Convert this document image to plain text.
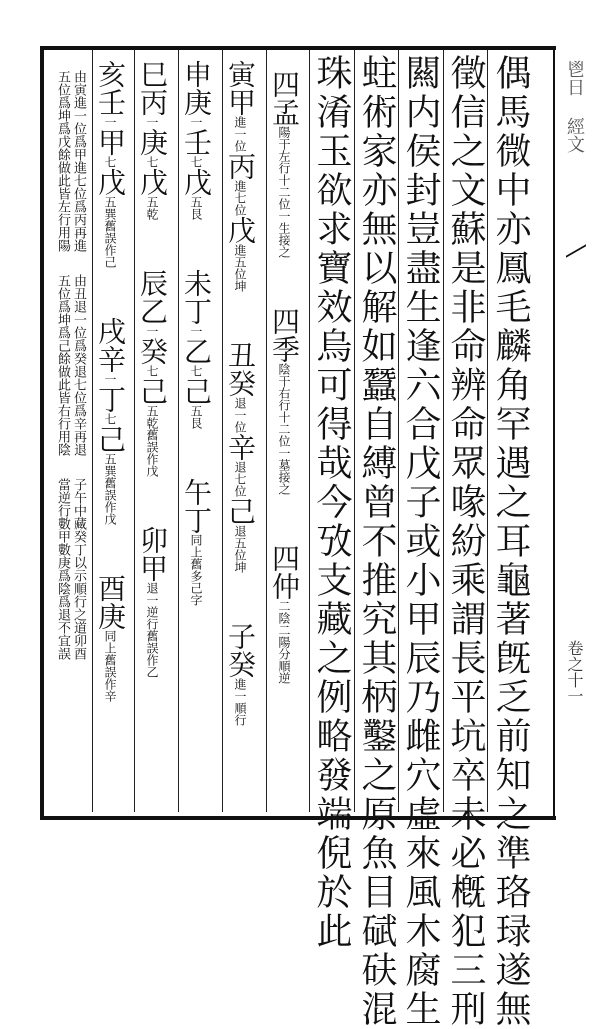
鬯日 經文
卷之十一
偶馬微中亦鳳毛麟角罕遇之耳龜著旣乏前知之準珞琭遂無
徵信之文蘇是非命辨命眾喙紛乘謂長平坑卒未必槪犯三刑
闗内侯封豈盡生逢六合戊子或小甲辰乃雌穴虛來風木腐生
蛀術家亦無以解如蠶自縛曾不推究其柄鑿之原魚目碔砆混
珠淆玉欲求寶效烏可得哉今攷支藏之例略發端倪於此
四孟陽干左行十二位一生接之 四季陰干右行十二位一墓接之 四仲二陰二陽分順逆
寅甲進一位丙進七位戊進五位坤 丑癸退一位辛退七位己退五位坤 子癸進一順行
申庚一壬七戊五艮 未丁一乙七己五艮 午丁同上舊多己字
巳丙一庚七戊五乾 辰乙一癸七己五乾舊誤作戊 卯甲退一逆行舊誤作乙
亥壬一甲七戊五巽舊誤作己 戌辛一丁七己五巽舊誤作戊 酉庚同上舊誤作辛
由寅進一位爲甲進七位爲丙再進由丑退一位爲癸退七位爲辛再退子午中藏癸丁以示順行之道卯酉
五位爲坤爲戊餘做此皆左行用陽五位爲坤爲己餘做此皆右行用陰當逆行數甲數庚爲陰爲退不宜誤
